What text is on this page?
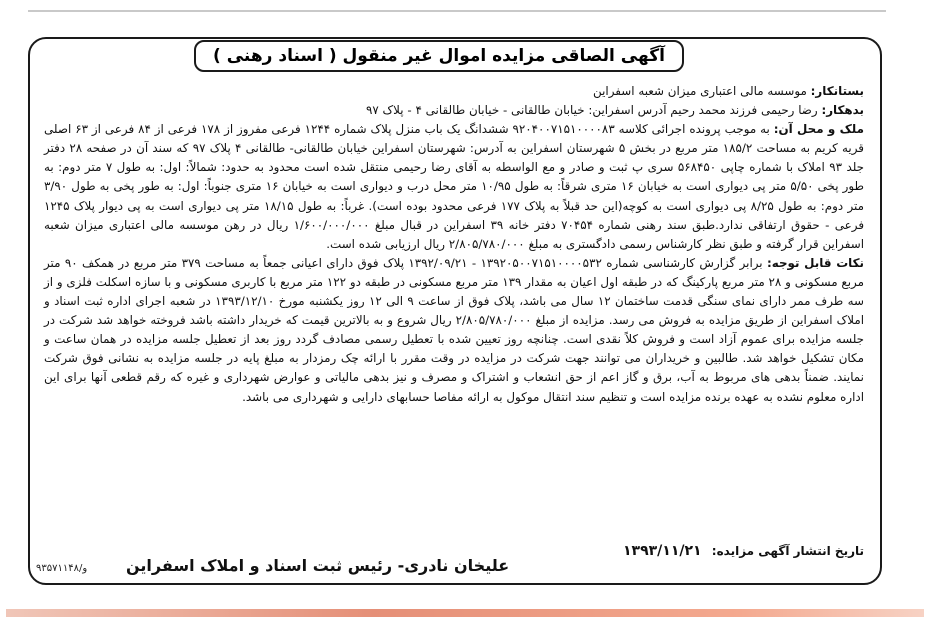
آگهی الصاقی مزایده اموال غیر منقول ( اسناد رهنی )

بستانکار: موسسه مالی اعتباری میزان شعبه اسفراین

بدهکار: رضا رحیمی فرزند محمد رحیم آدرس اسفراین: خیابان طالقانی - خیابان طالقانی ۴ - پلاک ۹۷

ملک و محل آن: به موجب پرونده اجرائی کلاسه ۹۲۰۴۰۰۷۱۵۱۰۰۰۰۸۳ ششدانگ یک باب منزل پلاک شماره ۱۲۴۴ فرعی مفروز از ۱۷۸ فرعی از ۸۴ فرعی از ۶۳ اصلی قریه کریم به مساحت ۱۸۵/۲ متر مربع در بخش ۵ شهرستان اسفراین به آدرس: شهرستان اسفراین خیابان طالقانی- طالقانی ۴ پلاک ۹۷ که سند آن در صفحه ۲۸ دفتر جلد ۹۳ املاک با شماره چاپی ۵۶۸۴۵۰ سری پ ثبت و صادر و مع الواسطه به آقای رضا رحیمی منتقل شده است محدود به حدود: شمالاً: اول: به طول ۷ متر دوم: به طور پخی ۵/۵۰ متر پی دیواری است به خیابان ۱۶ متری شرقاً: به طول ۱۰/۹۵ متر محل درب و دیواری است به خیابان ۱۶ متری جنوباً: اول: به طور پخی به طول ۳/۹۰ متر دوم: به طول ۸/۲۵ پی دیواری است به کوچه(این حد قبلاً به پلاک ۱۷۷ فرعی محدود بوده است). غرباً: به طول ۱۸/۱۵ متر پی دیواری است به پی دیوار پلاک ۱۲۴۵ فرعی - حقوق ارتفاقی ندارد.طبق سند رهنی شماره ۷۰۴۵۴ دفتر خانه ۳۹ اسفراین در قبال مبلغ ۱/۶۰۰/۰۰۰/۰۰۰ ریال در رهن موسسه مالی اعتباری میزان شعبه اسفراین قرار گرفته و طبق نظر کارشناس رسمی دادگستری به مبلغ ۲/۸۰۵/۷۸۰/۰۰۰ ریال ارزیابی شده است.

نکات قابل توجه: برابر گزارش کارشناسی شماره ۱۳۹۲۰۵۰۰۷۱۵۱۰۰۰۰۵۳۲ - ۱۳۹۲/۰۹/۲۱ پلاک فوق دارای اعیانی جمعاً به مساحت ۳۷۹ متر مربع در همکف ۹۰ متر مربع مسکونی و ۲۸ متر مربع پارکینگ که در طبقه اول اعیان به مقدار ۱۳۹ متر مربع مسکونی در طبقه دو ۱۲۲ متر مربع با کاربری مسکونی و با سازه اسکلت فلزی و از سه طرف ممر دارای نمای سنگی قدمت ساختمان ۱۲ سال می باشد، پلاک فوق از ساعت ۹ الی ۱۲ روز یکشنبه مورخ ۱۳۹۳/۱۲/۱۰ در شعبه اجرای اداره ثبت اسناد و املاک اسفراین از طریق مزایده به فروش می رسد. مزایده از مبلغ ۲/۸۰۵/۷۸۰/۰۰۰ ریال شروع و به بالاترین قیمت که خریدار داشته باشد فروخته خواهد شد شرکت در جلسه مزایده برای عموم آزاد است و فروش کلاً نقدی است. چنانچه روز تعیین شده با تعطیل رسمی مصادف گردد روز بعد از تعطیل جلسه مزایده در همان ساعت و مکان تشکیل خواهد شد. طالبین و خریداران می توانند جهت شرکت در مزایده در وقت مقرر با ارائه چک رمزدار به مبلغ پایه در جلسه مزایده به نشانی فوق شرکت نمایند. ضمناً بدهی های مربوط به آب، برق و گاز اعم از حق انشعاب و اشتراک و مصرف و نیز بدهی مالیاتی و عوارض شهرداری و غیره که رقم قطعی آنها برای این اداره معلوم نشده به عهده برنده مزایده است و تنظیم سند انتقال موکول به ارائه مفاصا حسابهای دارایی و شهرداری می باشد.

تاریخ انتشار آگهی مزایده: ۱۳۹۳/۱۱/۲۱
علیخان نادری- رئیس ثبت اسناد و املاک اسفراین
۹۳۵۷۱۱۴۸/و
